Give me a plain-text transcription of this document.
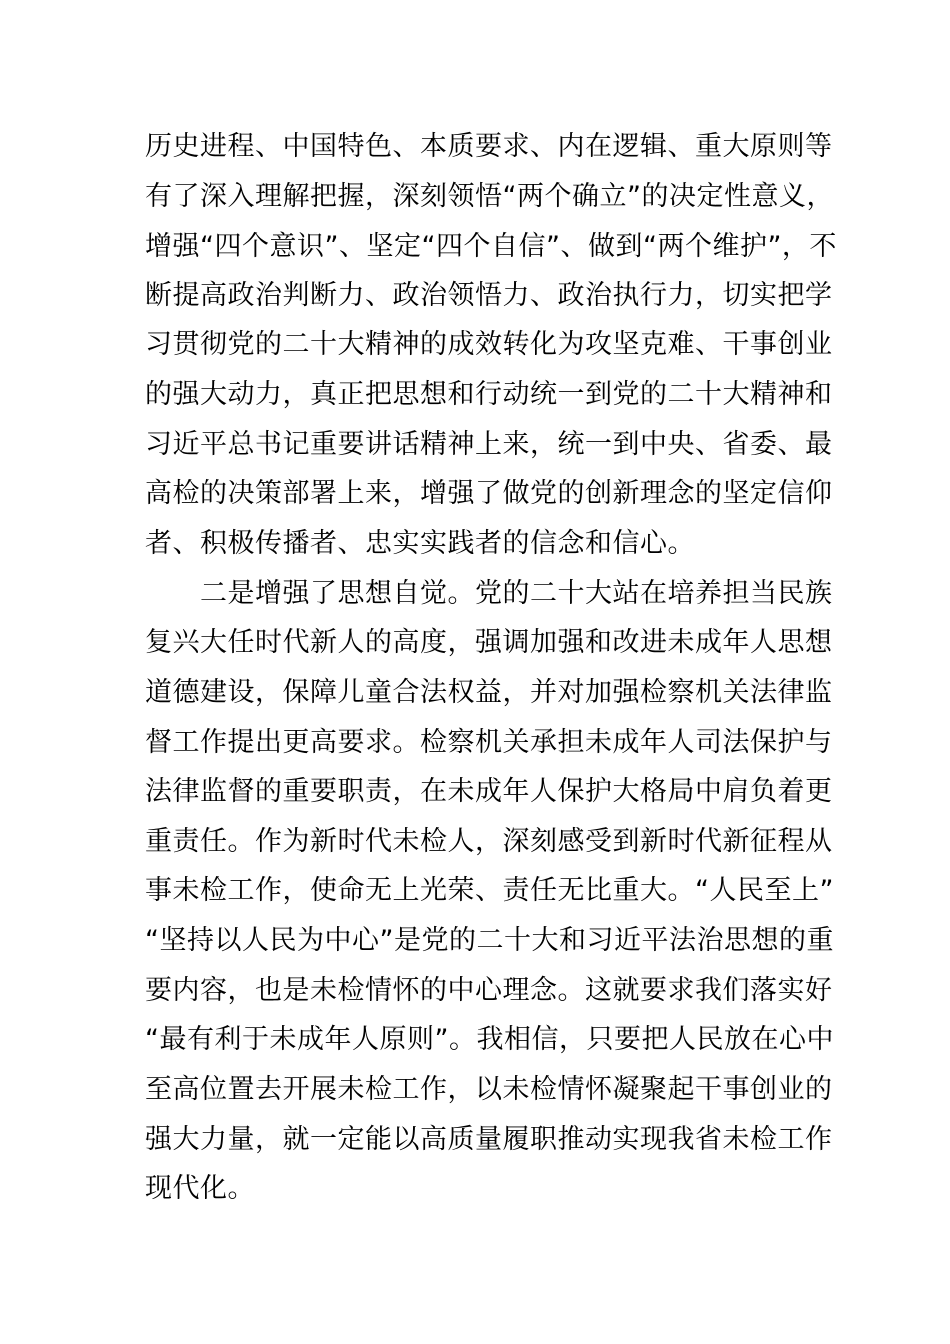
历史进程、中国特色、本质要求、内在逻辑、重大原则等
有了深入理解把握，深刻领悟“两个确立”的决定性意义，
增强“四个意识”、坚定“四个自信”、做到“两个维护”，不
断提高政治判断力、政治领悟力、政治执行力，切实把学
习贯彻党的二十大精神的成效转化为攻坚克难、干事创业
的强大动力，真正把思想和行动统一到党的二十大精神和
习近平总书记重要讲话精神上来，统一到中央、省委、最
高检的决策部署上来，增强了做党的创新理念的坚定信仰
者、积极传播者、忠实实践者的信念和信心。
二是增强了思想自觉。党的二十大站在培养担当民族
复兴大任时代新人的高度，强调加强和改进未成年人思想
道德建设，保障儿童合法权益，并对加强检察机关法律监
督工作提出更高要求。检察机关承担未成年人司法保护与
法律监督的重要职责，在未成年人保护大格局中肩负着更
重责任。作为新时代未检人，深刻感受到新时代新征程从
事未检工作，使命无上光荣、责任无比重大。“人民至上”
“坚持以人民为中心”是党的二十大和习近平法治思想的重
要内容，也是未检情怀的中心理念。这就要求我们落实好
“最有利于未成年人原则”。我相信，只要把人民放在心中
至高位置去开展未检工作，以未检情怀凝聚起干事创业的
强大力量，就一定能以高质量履职推动实现我省未检工作
现代化。
